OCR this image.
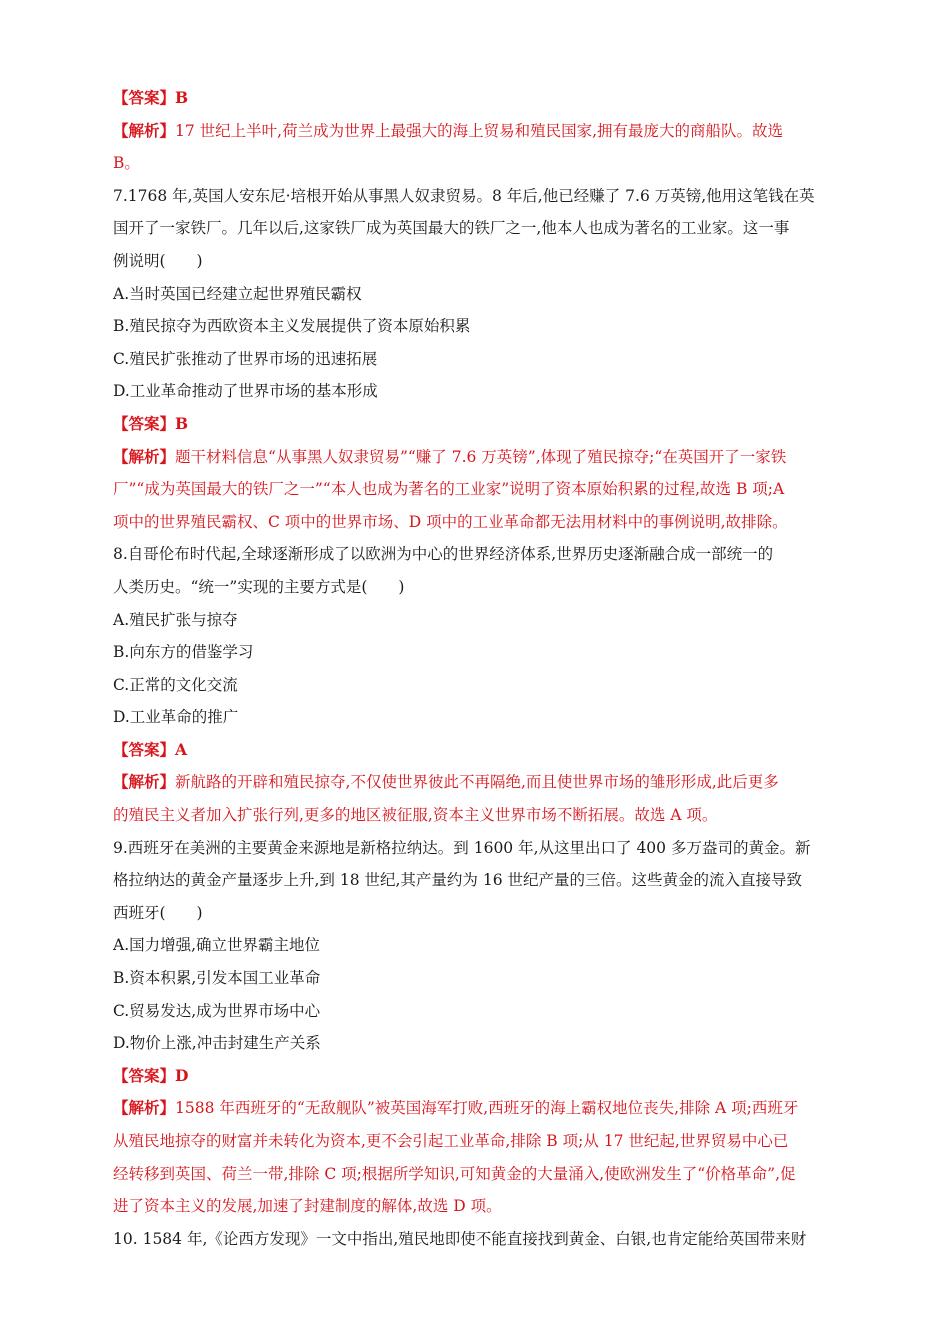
【答案】B
【解析】17 世纪上半叶,荷兰成为世界上最强大的海上贸易和殖民国家,拥有最庞大的商船队。故选
B。
7.1768 年,英国人安东尼·培根开始从事黑人奴隶贸易。8 年后,他已经赚了 7.6 万英镑,他用这笔钱在英
国开了一家铁厂。几年以后,这家铁厂成为英国最大的铁厂之一,他本人也成为著名的工业家。这一事
例说明(　　)
A.当时英国已经建立起世界殖民霸权
B.殖民掠夺为西欧资本主义发展提供了资本原始积累
C.殖民扩张推动了世界市场的迅速拓展
D.工业革命推动了世界市场的基本形成
【答案】B
【解析】题干材料信息“从事黑人奴隶贸易”“赚了 7.6 万英镑”,体现了殖民掠夺;“在英国开了一家铁
厂”“成为英国最大的铁厂之一”“本人也成为著名的工业家”说明了资本原始积累的过程,故选 B 项;A
项中的世界殖民霸权、C 项中的世界市场、D 项中的工业革命都无法用材料中的事例说明,故排除。
8.自哥伦布时代起,全球逐渐形成了以欧洲为中心的世界经济体系,世界历史逐渐融合成一部统一的
人类历史。“统一”实现的主要方式是(　　)
A.殖民扩张与掠夺
B.向东方的借鉴学习
C.正常的文化交流
D.工业革命的推广
【答案】A
【解析】新航路的开辟和殖民掠夺,不仅使世界彼此不再隔绝,而且使世界市场的雏形形成,此后更多
的殖民主义者加入扩张行列,更多的地区被征服,资本主义世界市场不断拓展。故选 A 项。
9.西班牙在美洲的主要黄金来源地是新格拉纳达。到 1600 年,从这里出口了 400 多万盎司的黄金。新
格拉纳达的黄金产量逐步上升,到 18 世纪,其产量约为 16 世纪产量的三倍。这些黄金的流入直接导致
西班牙(　　)
A.国力增强,确立世界霸主地位
B.资本积累,引发本国工业革命
C.贸易发达,成为世界市场中心
D.物价上涨,冲击封建生产关系
【答案】D
【解析】1588 年西班牙的“无敌舰队”被英国海军打败,西班牙的海上霸权地位丧失,排除 A 项;西班牙
从殖民地掠夺的财富并未转化为资本,更不会引起工业革命,排除 B 项;从 17 世纪起,世界贸易中心已
经转移到英国、荷兰一带,排除 C 项;根据所学知识,可知黄金的大量涌入,使欧洲发生了“价格革命”,促
进了资本主义的发展,加速了封建制度的解体,故选 D 项。
10. 1584 年,《论西方发现》一文中指出,殖民地即使不能直接找到黄金、白银,也肯定能给英国带来财
